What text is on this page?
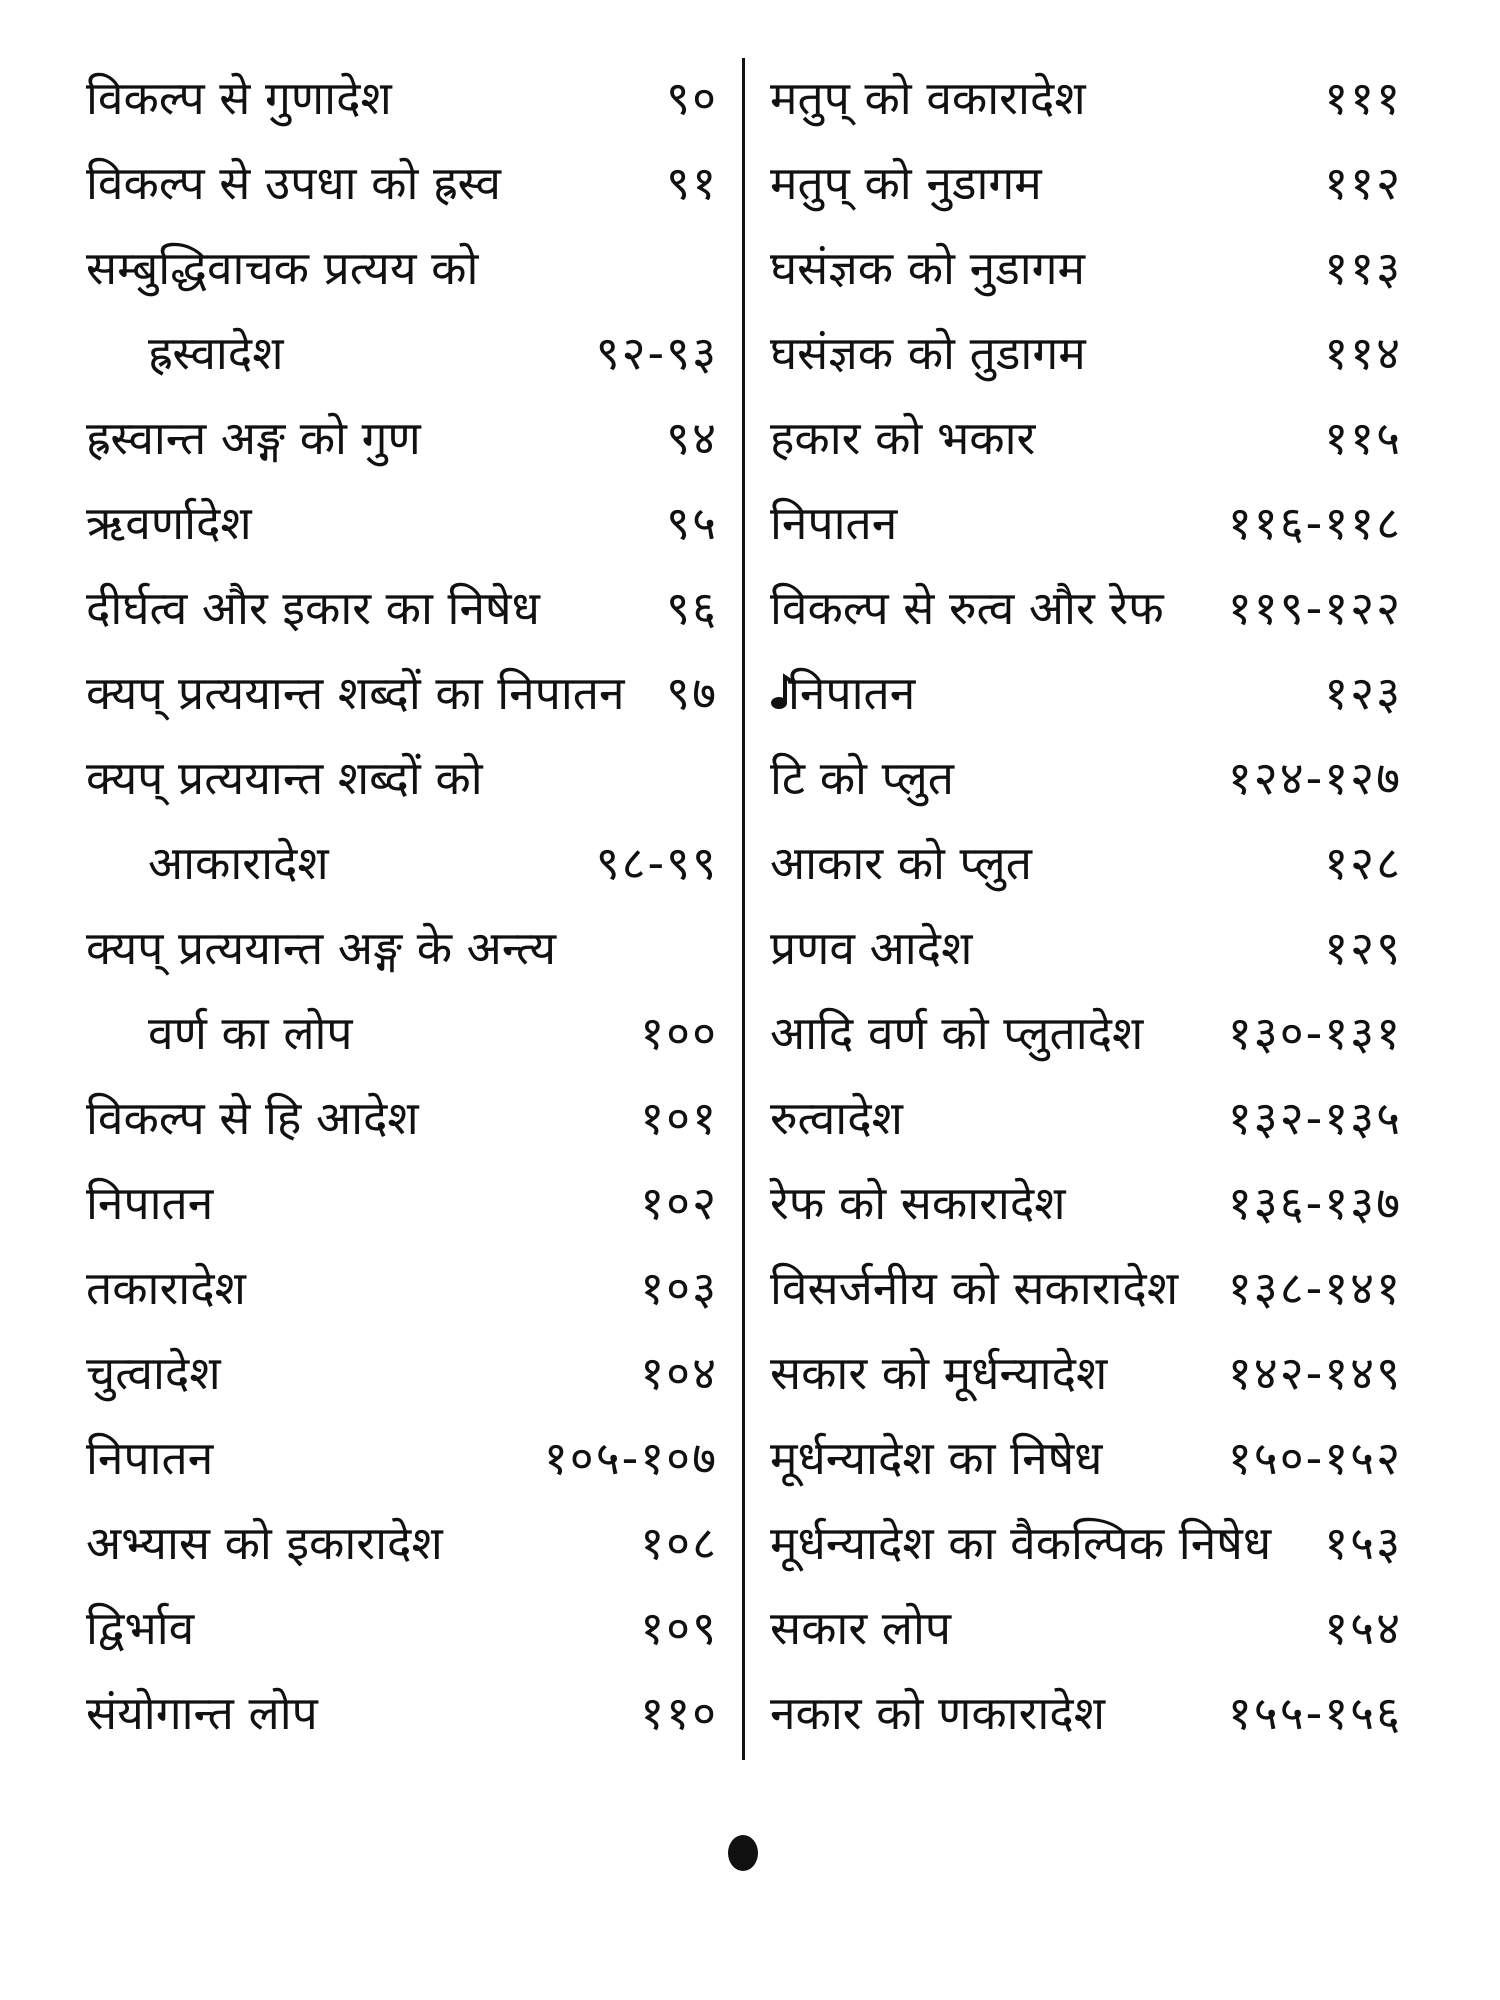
विकल्प से गुणादेश	९०
विकल्प से उपधा को ह्रस्व	९१
सम्बुद्धिवाचक प्रत्यय को
ह्रस्वादेश	९२-९३
ह्रस्वान्त अङ्ग को गुण	९४
ऋवर्णादेश	९५
दीर्घत्व और इकार का निषेध	९६
क्यप् प्रत्ययान्त शब्दों का निपातन ९७
क्यप् प्रत्ययान्त शब्दों को
आकारादेश	९८-९९
क्यप् प्रत्ययान्त अङ्ग के अन्त्य
वर्ण का लोप	१००
विकल्प से हि आदेश	१०१
निपातन	१०२
तकारादेश	१०३
चुत्वादेश	१०४
निपातन	१०५-१०७
अभ्यास को इकारादेश	१०८
द्विर्भाव	१०९
संयोगान्त लोप	११०
मतुप् को वकारादेश	१११
मतुप् को नुडागम	११२
घसंज्ञक को नुडागम	११३
घसंज्ञक को तुडागम	११४
हकार को भकार	११५
निपातन	११६-११८
विकल्प से रुत्व और रेफ ११९-१२२
निपातन	१२३
टि को प्लुत	१२४-१२७
आकार को प्लुत	१२८
प्रणव आदेश	१२९
आदि वर्ण को प्लुतादेश १३०-१३१
रुत्वादेश	१३२-१३५
रेफ को सकारादेश	१३६-१३७
विसर्जनीय को सकारादेश १३८-१४१
सकार को मूर्धन्यादेश	१४२-१४९
मूर्धन्यादेश का निषेध	१५०-१५२
मूर्धन्यादेश का वैकल्पिक निषेध १५३
सकार लोप	१५४
नकार को णकारादेश	१५५-१५६
